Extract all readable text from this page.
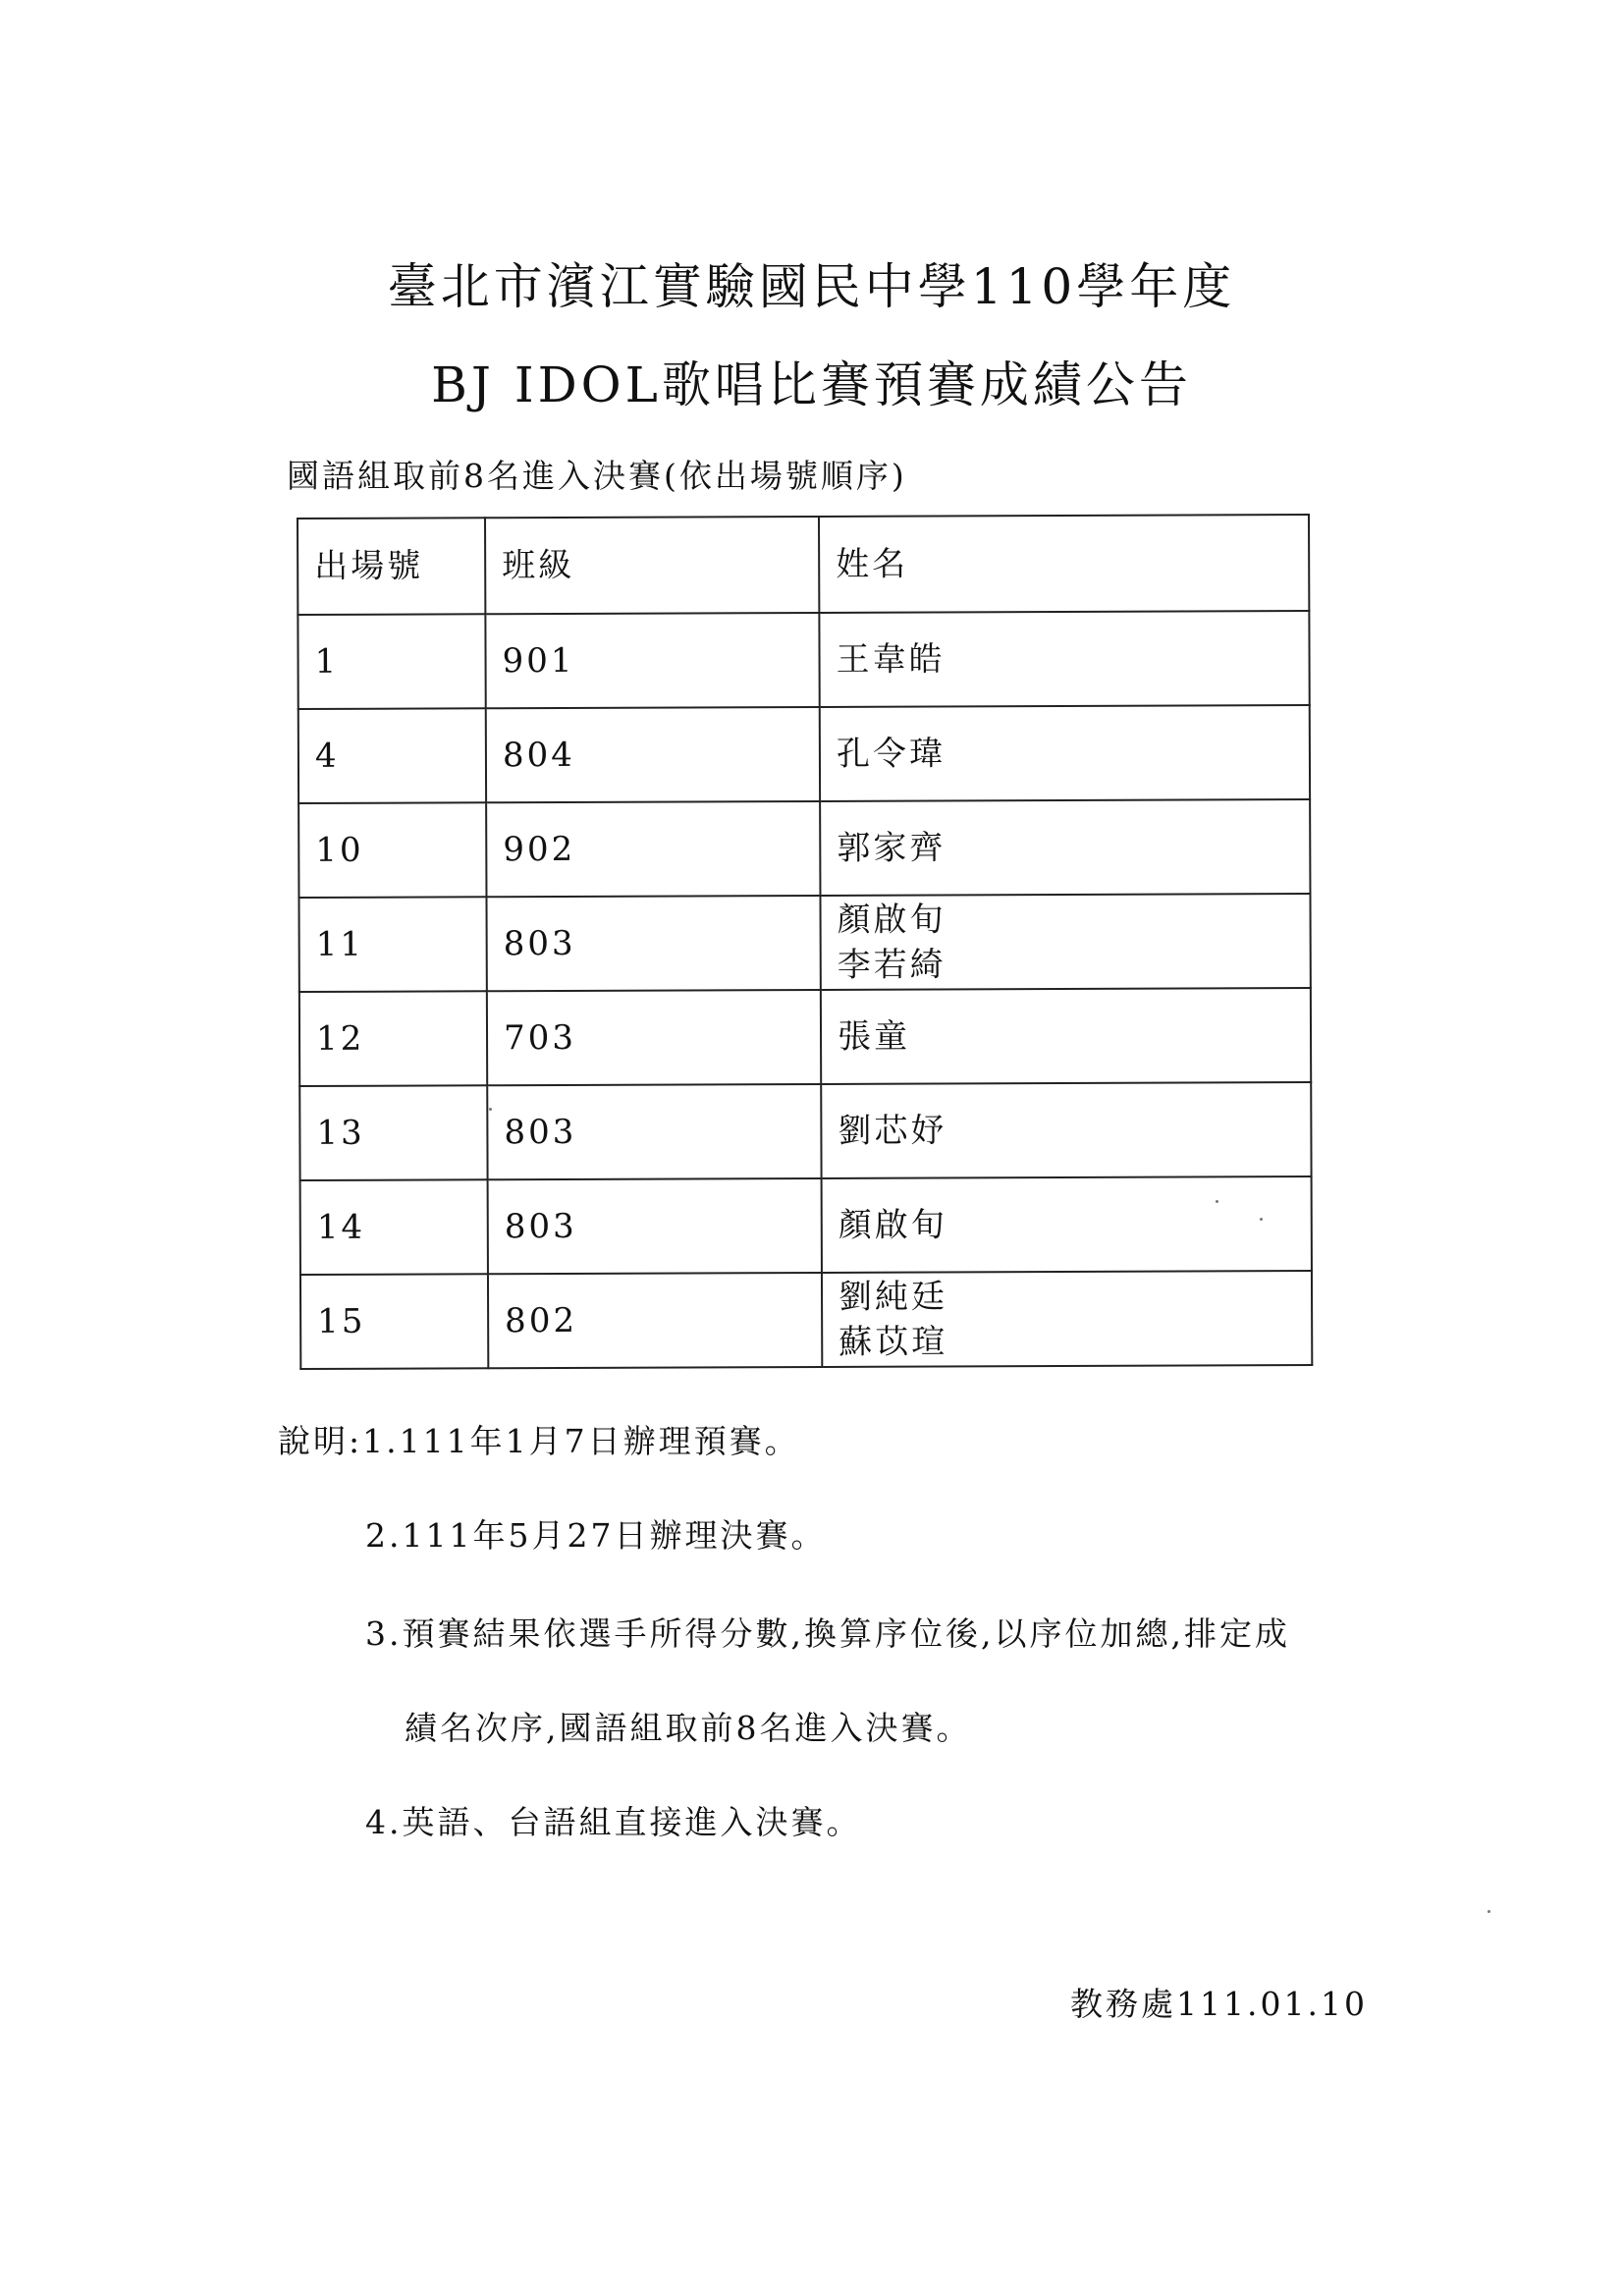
臺北市濱江實驗國民中學110學年度
BJ IDOL歌唱比賽預賽成績公告
國語組取前8名進入決賽(依出場號順序)
出場號	班級	姓名
1	901	王韋皓

4	804	孔令瑋

10	902	郭家齊

11	803	顏啟旬
李若綺

12	703	張童

13	803	劉芯妤

14	803	顏啟旬

15	802	劉純廷
蘇苡瑄
說明:1.111年1月7日辦理預賽。
2.111年5月27日辦理決賽。
3.預賽結果依選手所得分數,換算序位後,以序位加總,排定成
績名次序,國語組取前8名進入決賽。
4.英語、台語組直接進入決賽。
教務處111.01.10
